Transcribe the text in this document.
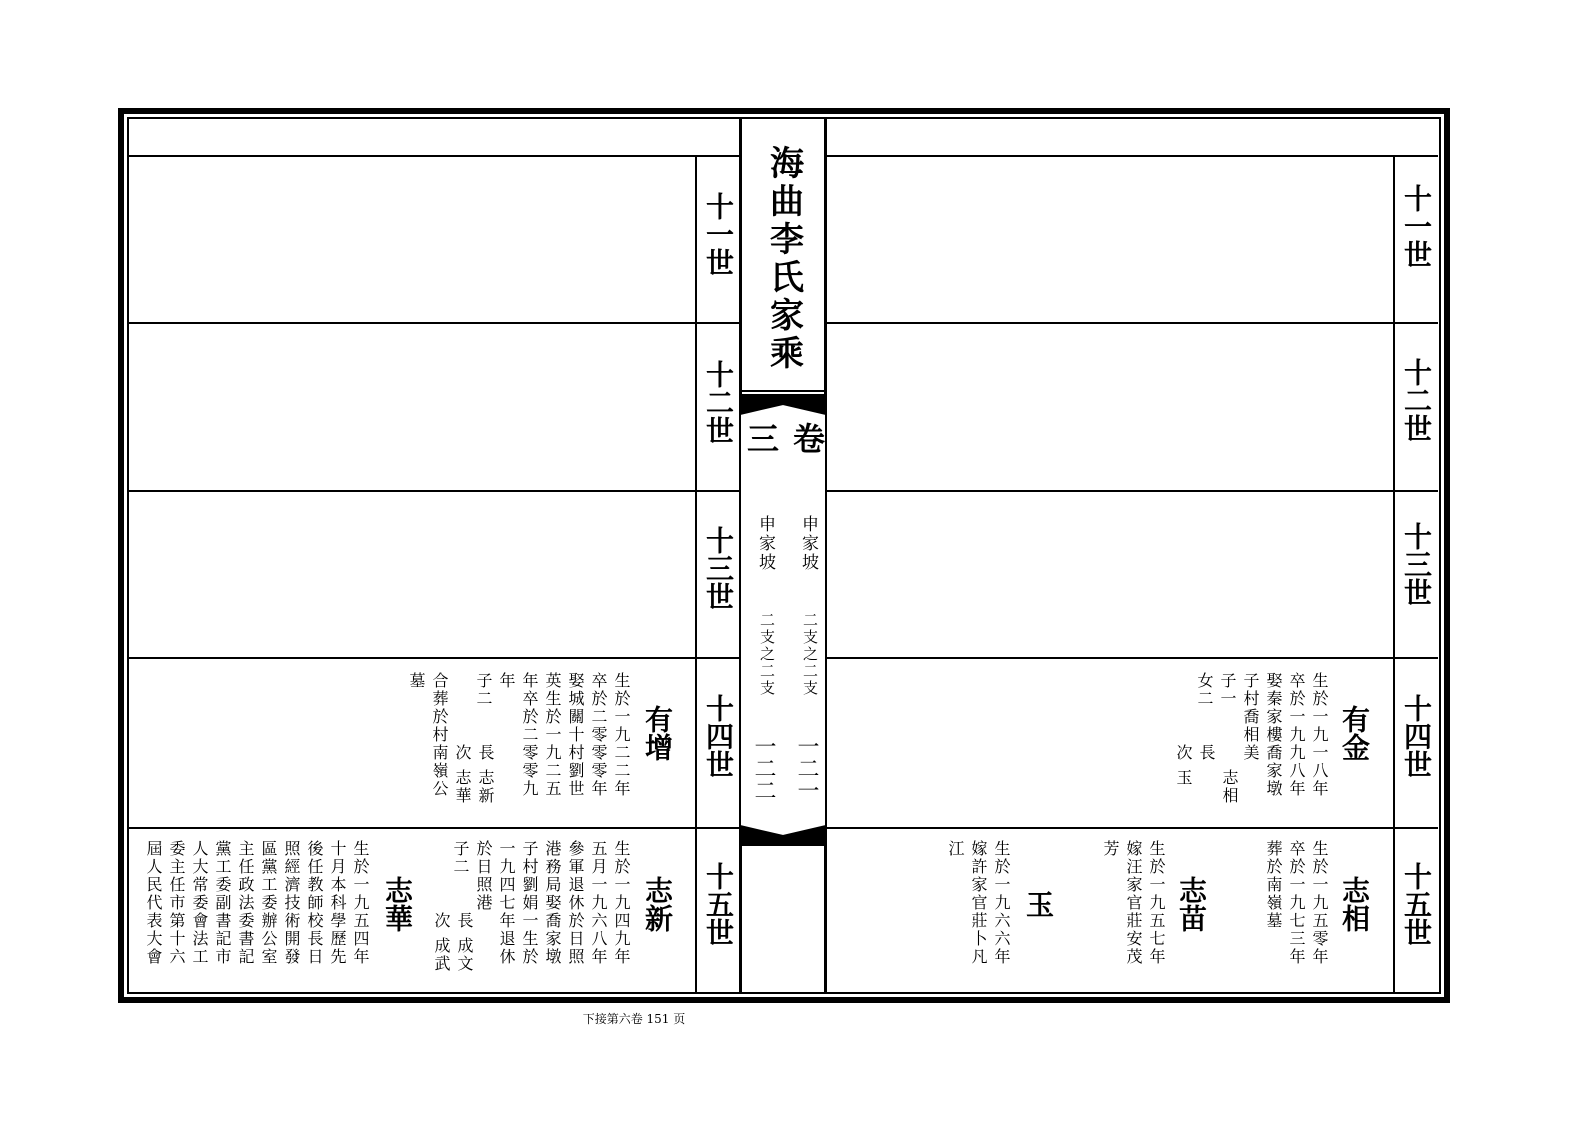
海曲李氏家乘
卷三
申家坡
申家坡
二支之二支
二支之二支
一二一
一二二
十一世
十二世
十三世
十四世
十五世
十一世
十二世
十三世
十四世
十五世
有金
生於一九一八年
卒於一九九八年
娶秦家樓喬家墩
子村喬相美
子一
女二
長
志相
次
玉
志相
生於一九五零年
卒於一九七三年
葬於南嶺墓
志苗
生於一九五七年
嫁汪家官莊安茂
芳
玉
生於一九六六年
嫁許家官莊卜凡
江
有增
生於一九二二年
卒於二零零零年
娶城關十村劉世
英生於一九二五
年卒於二零零九
年
子二
長
志新
次
志華
合葬於村南嶺公
墓
志新
生於一九四九年
五月一九六八年
參軍退休於日照
港務局娶喬家墩
子村劉娟一生於
一九四七年退休
於日照港
子二
長
成文
次
成武
志華
生於一九五四年
十月本科學歷先
後任教師校長日
照經濟技術開發
區黨工委辦公室
主任政法委書記
黨工委副書記市
人大常委會法工
委主任市第十六
屆人民代表大會
下接第六卷 151 页
